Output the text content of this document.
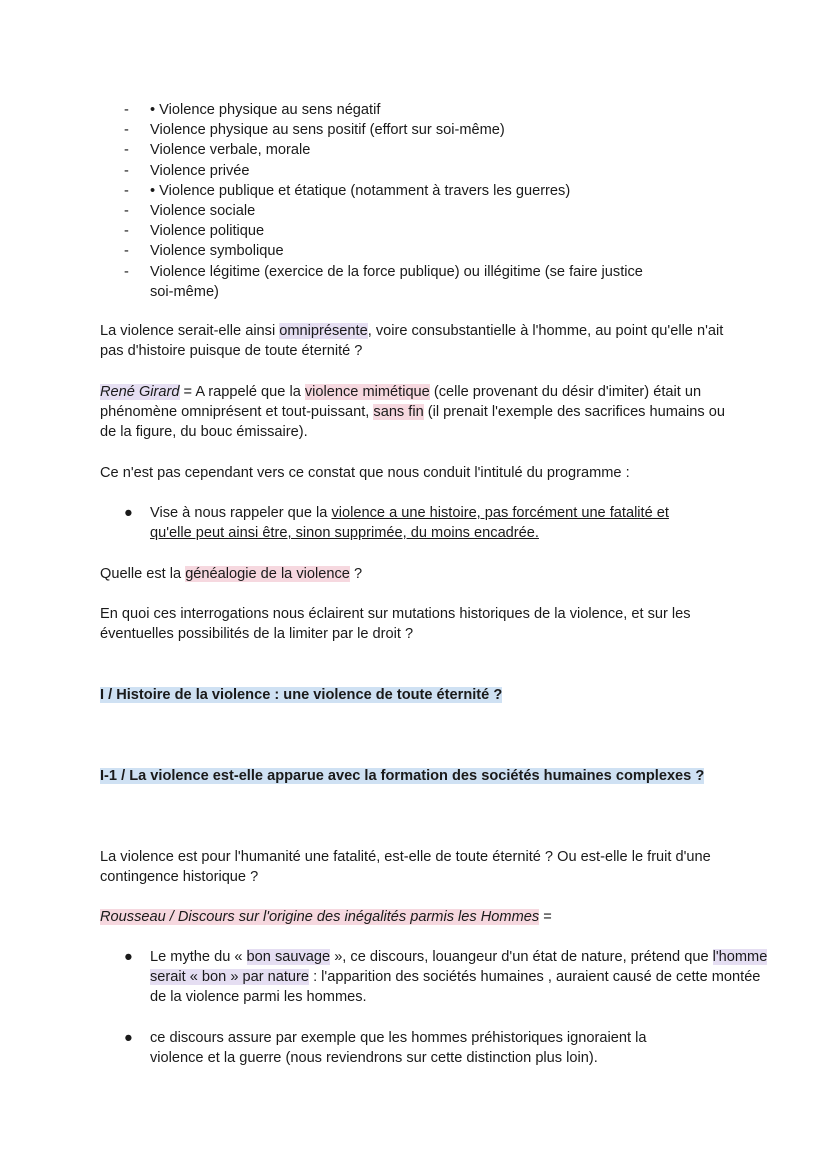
- • Violence physique au sens négatif
- Violence physique au sens positif (effort sur soi-même)
- Violence verbale, morale
- Violence privée
- • Violence publique et étatique (notamment à travers les guerres)
- Violence sociale
- Violence politique
- Violence symbolique
- Violence légitime (exercice de la force publique) ou illégitime (se faire justice soi-même)

La violence serait-elle ainsi omniprésente, voire consubstantielle à l'homme, au point qu'elle n'ait pas d'histoire puisque de toute éternité ?

René Girard = A rappelé que la violence mimétique (celle provenant du désir d'imiter) était un phénomène omniprésent et tout-puissant, sans fin (il prenait l'exemple des sacrifices humains ou de la figure, du bouc émissaire).

Ce n'est pas cependant vers ce constat que nous conduit l'intitulé du programme :

● Vise à nous rappeler que la violence a une histoire, pas forcément une fatalité et qu'elle peut ainsi être, sinon supprimée, du moins encadrée.

Quelle est la généalogie de la violence ?

En quoi ces interrogations nous éclairent sur mutations historiques de la violence, et sur les éventuelles possibilités de la limiter par le droit ?

I / Histoire de la violence : une violence de toute éternité ?

I-1 / La violence est-elle apparue avec la formation des sociétés humaines complexes ?

La violence est pour l'humanité une fatalité, est-elle de toute éternité ? Ou est-elle le fruit d'une contingence historique ?

Rousseau / Discours sur l'origine des inégalités parmis les Hommes =

● Le mythe du « bon sauvage », ce discours, louangeur d'un état de nature, prétend que l'homme serait « bon » par nature : l'apparition des sociétés humaines , auraient causé de cette montée de la violence parmi les hommes.
● ce discours assure par exemple que les hommes préhistoriques ignoraient la violence et la guerre (nous reviendrons sur cette distinction plus loin).
